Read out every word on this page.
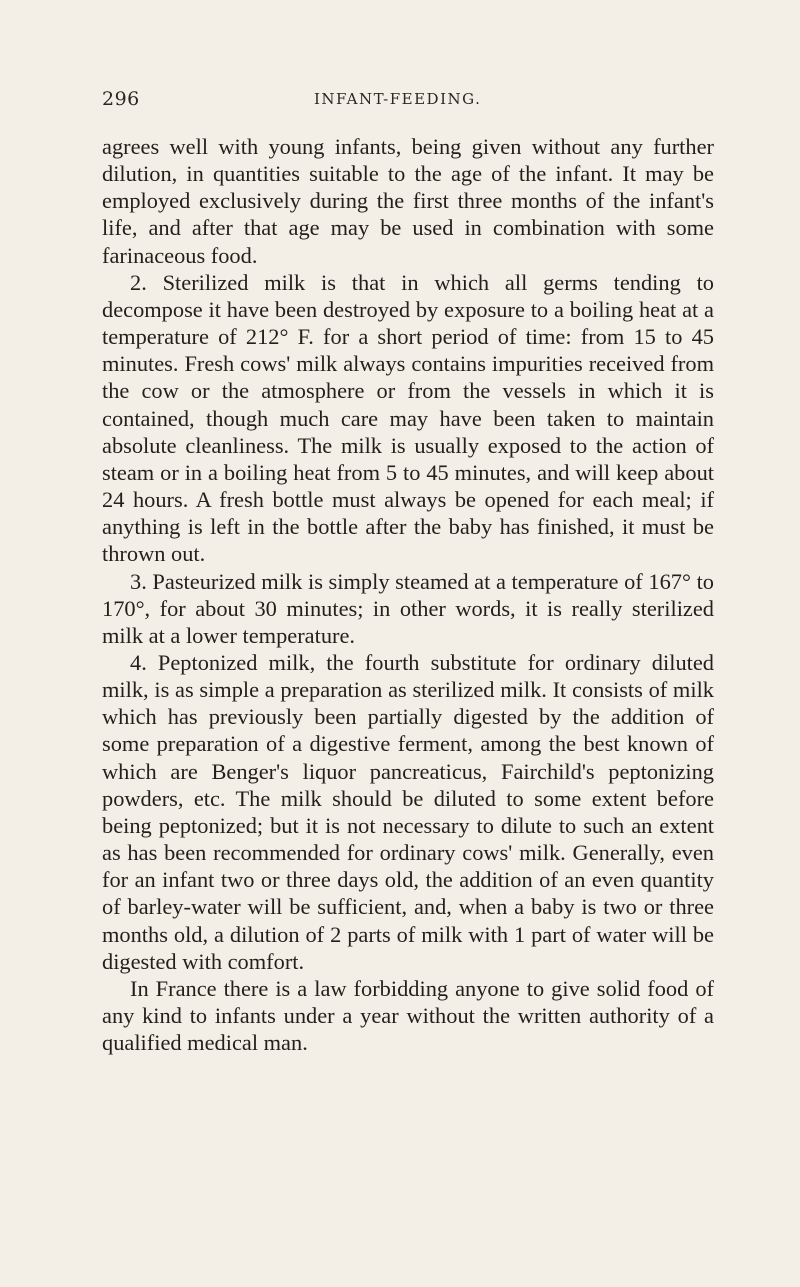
296	INFANT-FEEDING.

agrees well with young infants, being given without any further dilution, in quantities suitable to the age of the infant. It may be employed exclusively during the first three months of the infant's life, and after that age may be used in combination with some farinaceous food.

2. Sterilized milk is that in which all germs tending to decompose it have been destroyed by exposure to a boiling heat at a temperature of 212° F. for a short period of time: from 15 to 45 minutes. Fresh cows' milk always contains impurities received from the cow or the atmosphere or from the vessels in which it is contained, though much care may have been taken to maintain absolute cleanliness. The milk is usually exposed to the action of steam or in a boiling heat from 5 to 45 minutes, and will keep about 24 hours. A fresh bottle must always be opened for each meal; if anything is left in the bottle after the baby has finished, it must be thrown out.

3. Pasteurized milk is simply steamed at a temperature of 167° to 170°, for about 30 minutes; in other words, it is really sterilized milk at a lower temperature.

4. Peptonized milk, the fourth substitute for ordinary diluted milk, is as simple a preparation as sterilized milk. It consists of milk which has previously been partially digested by the addition of some preparation of a digestive ferment, among the best known of which are Benger's liquor pancreaticus, Fairchild's peptonizing powders, etc. The milk should be diluted to some extent before being peptonized; but it is not necessary to dilute to such an extent as has been recommended for ordinary cows' milk. Generally, even for an infant two or three days old, the addition of an even quantity of barley-water will be sufficient, and, when a baby is two or three months old, a dilution of 2 parts of milk with 1 part of water will be digested with comfort.

In France there is a law forbidding anyone to give solid food of any kind to infants under a year without the written authority of a qualified medical man.
